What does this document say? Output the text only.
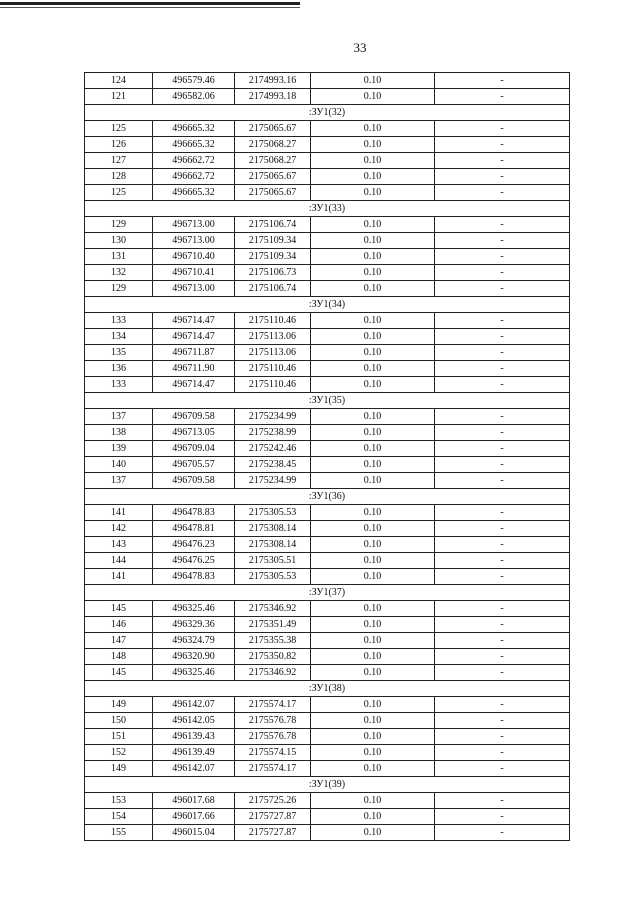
33
124	496579.46	2174993.16	0.10	-
121	496582.06	2174993.18	0.10	-
:ЗУ1(32)				
125	496665.32	2175065.67	0.10	-
126	496665.32	2175068.27	0.10	-
127	496662.72	2175068.27	0.10	-
128	496662.72	2175065.67	0.10	-
125	496665.32	2175065.67	0.10	-
:ЗУ1(33)				
129	496713.00	2175106.74	0.10	-
130	496713.00	2175109.34	0.10	-
131	496710.40	2175109.34	0.10	-
132	496710.41	2175106.73	0.10	-
129	496713.00	2175106.74	0.10	-
:ЗУ1(34)				
133	496714.47	2175110.46	0.10	-
134	496714.47	2175113.06	0.10	-
135	496711.87	2175113.06	0.10	-
136	496711.90	2175110.46	0.10	-
133	496714.47	2175110.46	0.10	-
:ЗУ1(35)				
137	496709.58	2175234.99	0.10	-
138	496713.05	2175238.99	0.10	-
139	496709.04	2175242.46	0.10	-
140	496705.57	2175238.45	0.10	-
137	496709.58	2175234.99	0.10	-
:ЗУ1(36)				
141	496478.83	2175305.53	0.10	-
142	496478.81	2175308.14	0.10	-
143	496476.23	2175308.14	0.10	-
144	496476.25	2175305.51	0.10	-
141	496478.83	2175305.53	0.10	-
:ЗУ1(37)				
145	496325.46	2175346.92	0.10	-
146	496329.36	2175351.49	0.10	-
147	496324.79	2175355.38	0.10	-
148	496320.90	2175350.82	0.10	-
145	496325.46	2175346.92	0.10	-
:ЗУ1(38)				
149	496142.07	2175574.17	0.10	-
150	496142.05	2175576.78	0.10	-
151	496139.43	2175576.78	0.10	-
152	496139.49	2175574.15	0.10	-
149	496142.07	2175574.17	0.10	-
:ЗУ1(39)				
153	496017.68	2175725.26	0.10	-
154	496017.66	2175727.87	0.10	-
155	496015.04	2175727.87	0.10	-
